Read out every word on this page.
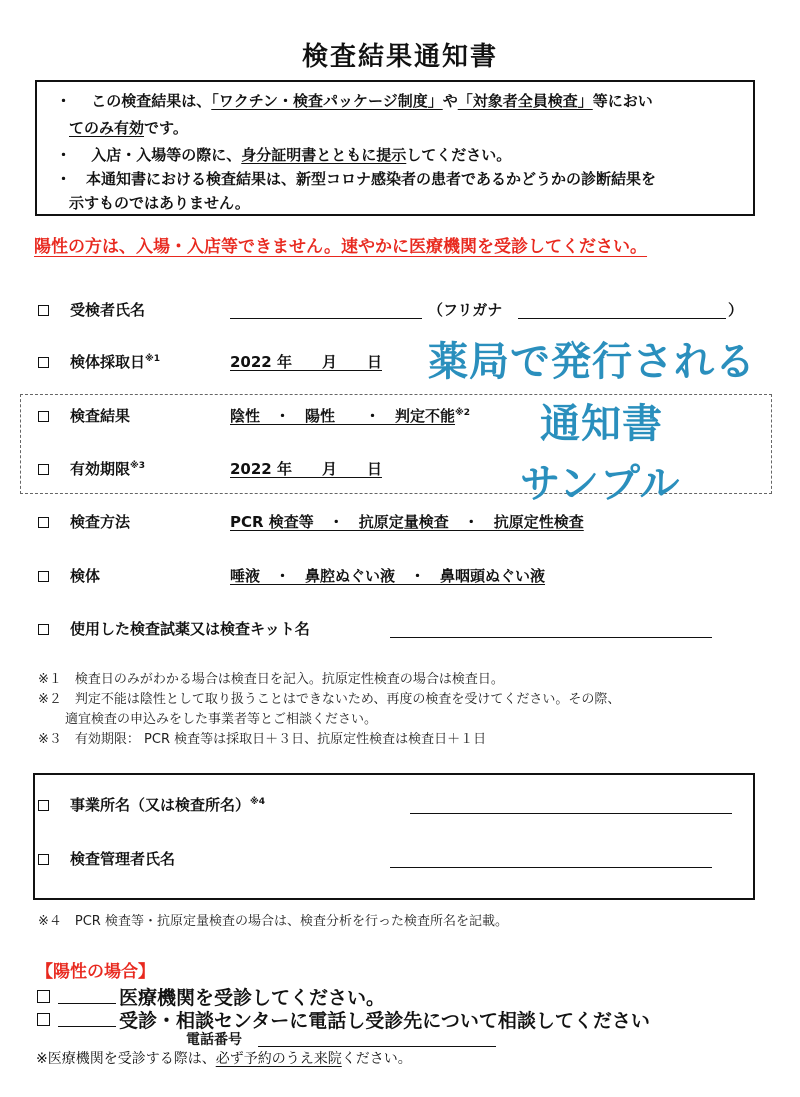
検査結果通知書
・　 この検査結果は、「ワクチン・検査パッケージ制度」や「対象者全員検査」等におい
てのみ有効です。
・　 入店・入場等の際に、身分証明書とともに提示してください。
・　 本通知書における検査結果は、新型コロナ感染者の患者であるかどうかの診断結果を
示すものではありません。
陽性の方は、入場・入店等できません。速やかに医療機関を受診してください。
受検者氏名	（フリガナ	）
検体採取日$^{※1}$	2022 年　　月　　日
検査結果	陰性　・　陽性　　・　判定不能$^{※2}$
有効期限$^{※3}$	2022 年　　月　　日
検査方法	PCR 検査等　・　抗原定量検査　・　抗原定性検査
検体	唾液　・　鼻腔ぬぐい液　・　鼻咽頭ぬぐい液
使用した検査試薬又は検査キット名
薬局で発行される
通知書
サンプル
※１　検査日のみがわかる場合は検査日を記入。抗原定性検査の場合は検査日。
※２　判定不能は陰性として取り扱うことはできないため、再度の検査を受けてください。その際、
適宜検査の申込みをした事業者等とご相談ください。
※３　有効期限： PCR 検査等は採取日＋３日、抗原定性検査は検査日＋１日
事業所名（又は検査所名）$^{※4}$
検査管理者氏名
※４　PCR 検査等・抗原定量検査の場合は、検査分析を行った検査所名を記載。
【陽性の場合】
医療機関を受診してください。
受診・相談センターに電話し受診先について相談してください
電話番号
※医療機関を受診する際は、必ず予約のうえ来院ください。
